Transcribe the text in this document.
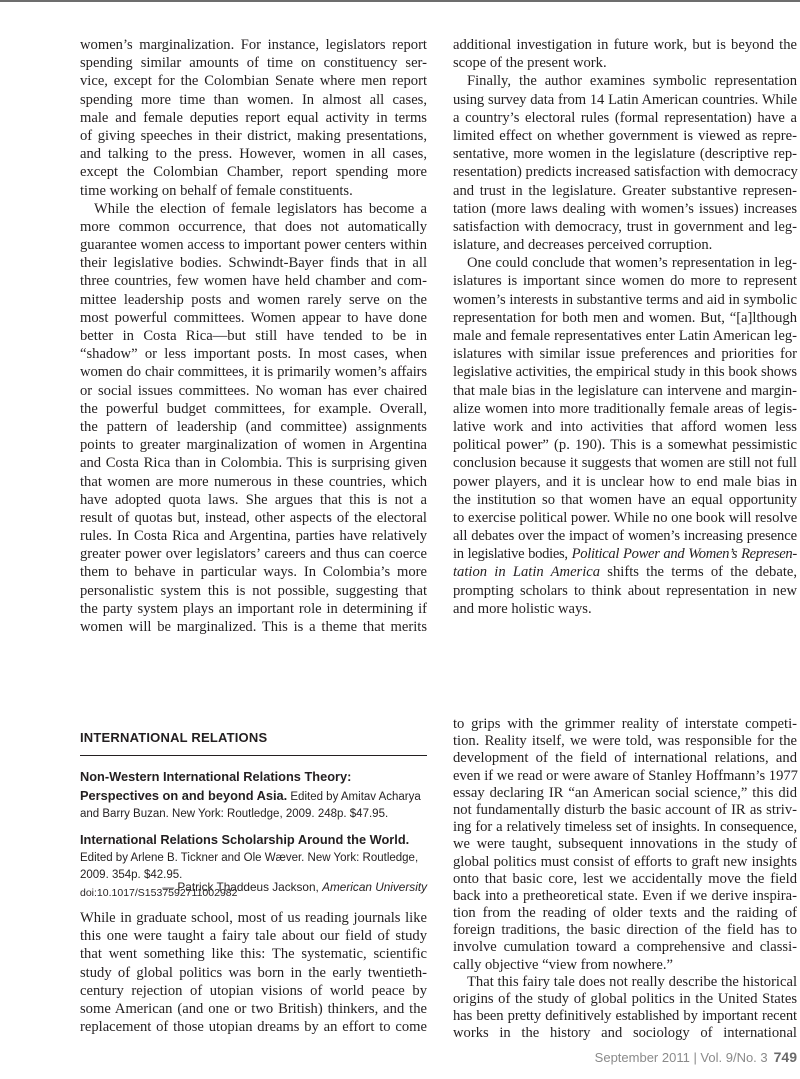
women’s marginalization. For instance, legislators report
spending similar amounts of time on constituency ser-
vice, except for the Colombian Senate where men report
spending more time than women. In almost all cases,
male and female deputies report equal activity in terms
of giving speeches in their district, making presentations,
and talking to the press. However, women in all cases,
except the Colombian Chamber, report spending more
time working on behalf of female constituents.
While the election of female legislators has become a
more common occurrence, that does not automatically
guarantee women access to important power centers within
their legislative bodies. Schwindt-Bayer finds that in all
three countries, few women have held chamber and com-
mittee leadership posts and women rarely serve on the
most powerful committees. Women appear to have done
better in Costa Rica—but still have tended to be in
“shadow” or less important posts. In most cases, when
women do chair committees, it is primarily women’s affairs
or social issues committees. No woman has ever chaired
the powerful budget committees, for example. Overall,
the pattern of leadership (and committee) assignments
points to greater marginalization of women in Argentina
and Costa Rica than in Colombia. This is surprising given
that women are more numerous in these countries, which
have adopted quota laws. She argues that this is not a
result of quotas but, instead, other aspects of the electoral
rules. In Costa Rica and Argentina, parties have relatively
greater power over legislators’ careers and thus can coerce
them to behave in particular ways. In Colombia’s more
personalistic system this is not possible, suggesting that
the party system plays an important role in determining if
women will be marginalized. This is a theme that merits
additional investigation in future work, but is beyond the
scope of the present work.
Finally, the author examines symbolic representation
using survey data from 14 Latin American countries. While
a country’s electoral rules (formal representation) have a
limited effect on whether government is viewed as repre-
sentative, more women in the legislature (descriptive rep-
resentation) predicts increased satisfaction with democracy
and trust in the legislature. Greater substantive represen-
tation (more laws dealing with women’s issues) increases
satisfaction with democracy, trust in government and leg-
islature, and decreases perceived corruption.
One could conclude that women’s representation in leg-
islatures is important since women do more to represent
women’s interests in substantive terms and aid in symbolic
representation for both men and women. But, “[a]lthough
male and female representatives enter Latin American leg-
islatures with similar issue preferences and priorities for
legislative activities, the empirical study in this book shows
that male bias in the legislature can intervene and margin-
alize women into more traditionally female areas of legis-
lative work and into activities that afford women less
political power” (p. 190). This is a somewhat pessimistic
conclusion because it suggests that women are still not full
power players, and it is unclear how to end male bias in
the institution so that women have an equal opportunity
to exercise political power. While no one book will resolve
all debates over the impact of women’s increasing presence
in legislative bodies, Political Power and Women’s Represen-
tation in Latin America shifts the terms of the debate,
prompting scholars to think about representation in new
and more holistic ways.
INTERNATIONAL RELATIONS
Non-Western International Relations Theory: Perspectives on and beyond Asia. Edited by Amitav Acharya and Barry Buzan. New York: Routledge, 2009. 248p. $47.95.
International Relations Scholarship Around the World. Edited by Arlene B. Tickner and Ole Wæver. New York: Routledge, 2009. 354p. $42.95.
doi:10.1017/S1537592711002982
— Patrick Thaddeus Jackson, American University
While in graduate school, most of us reading journals like
this one were taught a fairy tale about our field of study
that went something like this: The systematic, scientific
study of global politics was born in the early twentieth-
century rejection of utopian visions of world peace by
some American (and one or two British) thinkers, and the
replacement of those utopian dreams by an effort to come
to grips with the grimmer reality of interstate competi-
tion. Reality itself, we were told, was responsible for the
development of the field of international relations, and
even if we read or were aware of Stanley Hoffmann’s 1977
essay declaring IR “an American social science,” this did
not fundamentally disturb the basic account of IR as striv-
ing for a relatively timeless set of insights. In consequence,
we were taught, subsequent innovations in the study of
global politics must consist of efforts to graft new insights
onto that basic core, lest we accidentally move the field
back into a pretheoretical state. Even if we derive inspira-
tion from the reading of older texts and the raiding of
foreign traditions, the basic direction of the field has to
involve cumulation toward a comprehensive and classi-
cally objective “view from nowhere.”
That this fairy tale does not really describe the historical
origins of the study of global politics in the United States
has been pretty definitively established by important recent
works in the history and sociology of international
September 2011 | Vol. 9/No. 3 749
